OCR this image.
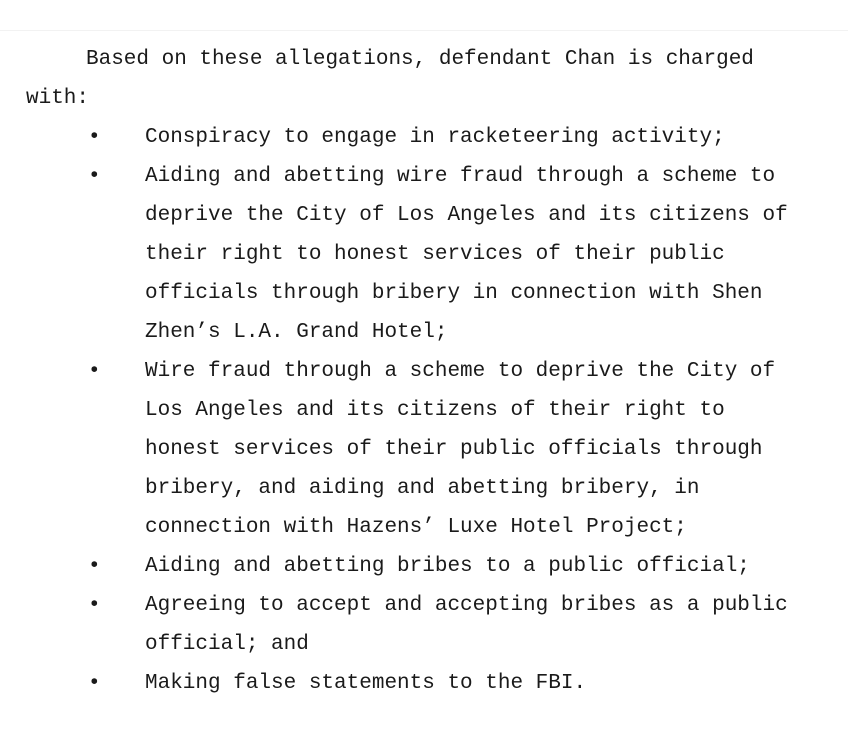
Based on these allegations, defendant Chan is charged
with:
• Conspiracy to engage in racketeering activity;
• Aiding and abetting wire fraud through a scheme to
deprive the City of Los Angeles and its citizens of
their right to honest services of their public
officials through bribery in connection with Shen
Zhen’s L.A. Grand Hotel;
• Wire fraud through a scheme to deprive the City of
Los Angeles and its citizens of their right to
honest services of their public officials through
bribery, and aiding and abetting bribery, in
connection with Hazens’ Luxe Hotel Project;
• Aiding and abetting bribes to a public official;
• Agreeing to accept and accepting bribes as a public
official; and
• Making false statements to the FBI.
